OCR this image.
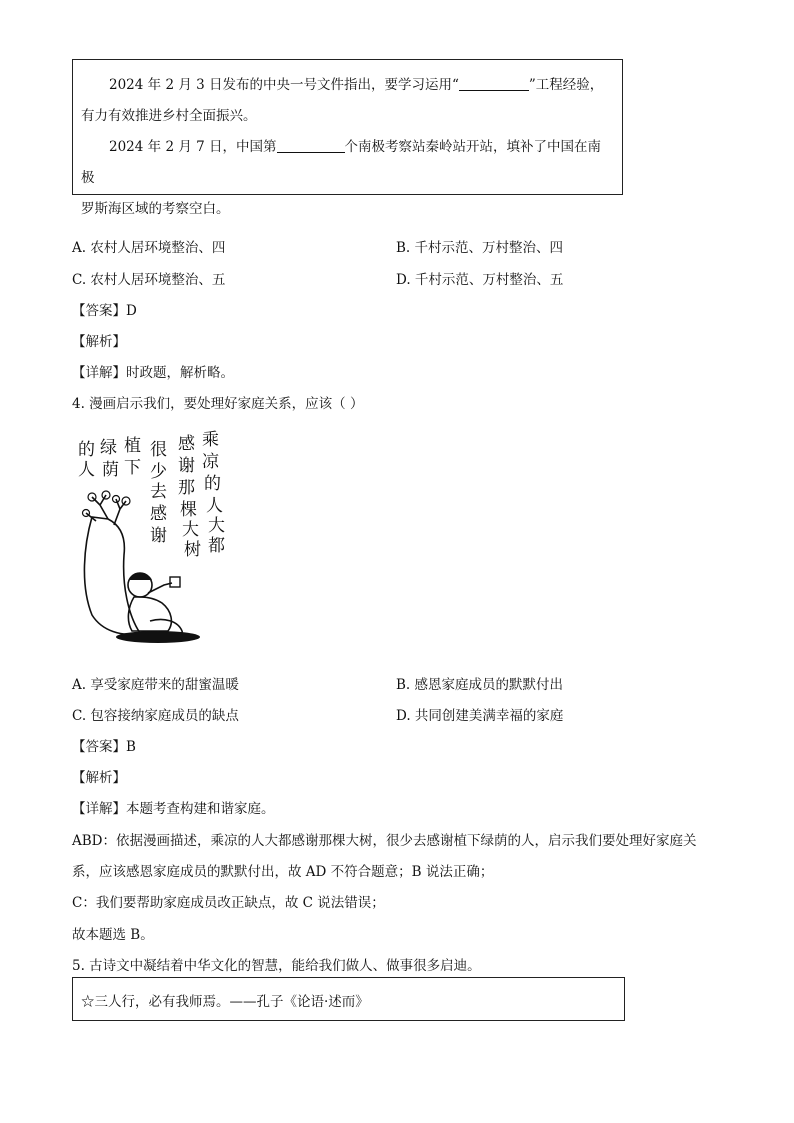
2024 年 2 月 3 日发布的中央一号文件指出，要学习运用“	”工程经验，

有力有效推进乡村全面振兴。

2024 年 2 月 7 日，中国第	个南极考察站秦岭站开站，填补了中国在南极

罗斯海区域的考察空白。

A. 农村人居环境整治、四	B. 千村示范、万村整治、四
C. 农村人居环境整治、五	D. 千村示范、万村整治、五
【答案】D
【解析】
【详解】时政题，解析略。
4. 漫画启示我们，要处理好家庭关系，应该（ ）
乘
凉
的
人
大
都
感
谢
那
棵
大
树
很
少
去
感
谢
植
下
绿
荫
的
人
A. 享受家庭带来的甜蜜温暖	B. 感恩家庭成员的默默付出
C. 包容接纳家庭成员的缺点	D. 共同创建美满幸福的家庭
【答案】B
【解析】
【详解】本题考查构建和谐家庭。
ABD：依据漫画描述，乘凉的人大都感谢那棵大树，很少去感谢植下绿荫的人，启示我们要处理好家庭关
系，应该感恩家庭成员的默默付出，故 AD 不符合题意；B 说法正确；
C：我们要帮助家庭成员改正缺点，故 C 说法错误；
故本题选 B。
5. 古诗文中凝结着中华文化的智慧，能给我们做人、做事很多启迪。
☆三人行，必有我师焉。——孔子《论语·述而》
